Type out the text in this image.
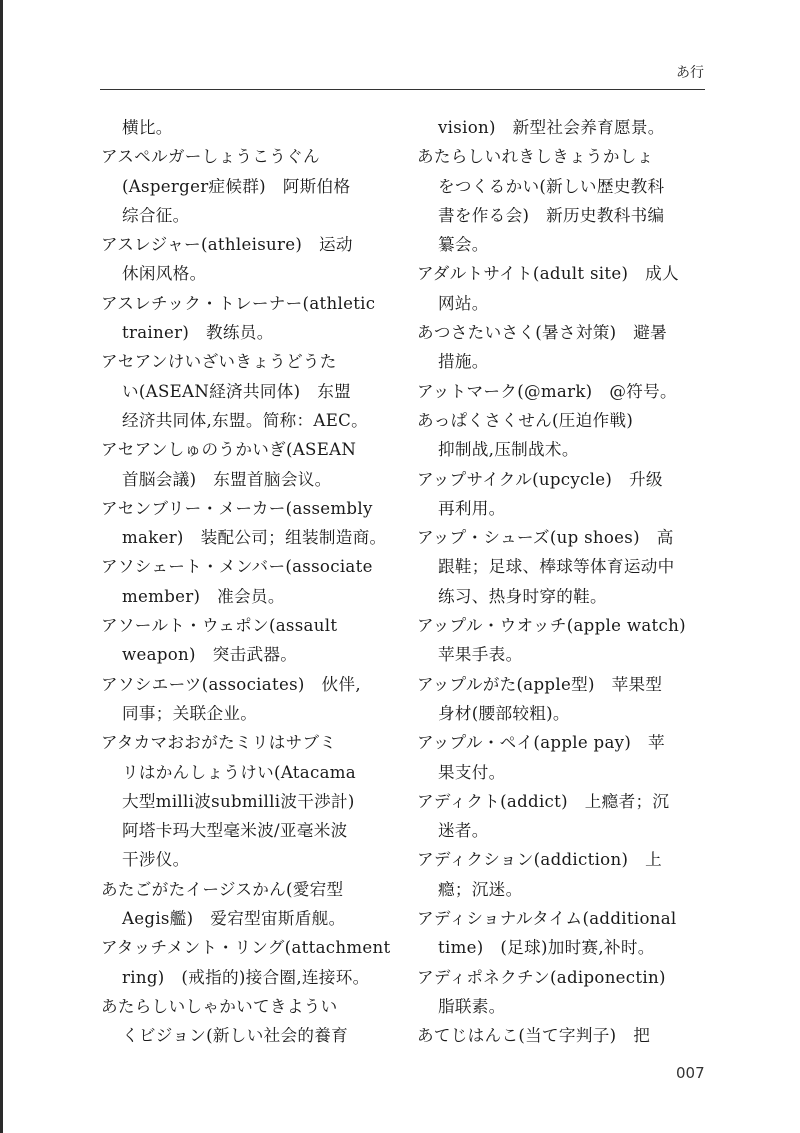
あ行
横比。
アスペルガーしょうこうぐん
(Asperger症候群)　阿斯伯格
综合征。
アスレジャー(athleisure)　运动
休闲风格。
アスレチック・トレーナー(athletic
trainer)　教练员。
アセアンけいざいきょうどうた
い(ASEAN経済共同体)　东盟
经济共同体,东盟。简称：AEC。
アセアンしゅのうかいぎ(ASEAN
首脳会議)　东盟首脑会议。
アセンブリー・メーカー(assembly
maker)　装配公司；组装制造商。
アソシェート・メンバー(associate
member)　准会员。
アソールト・ウェポン(assault
weapon)　突击武器。
アソシエーツ(associates)　伙伴,
同事；关联企业。
アタカマおおがたミリはサブミ
リはかんしょうけい(Atacama
大型milli波submilli波干渉計)
阿塔卡玛大型毫米波/亚毫米波
干涉仪。
あたごがたイージスかん(愛宕型
Aegis艦)　爱宕型宙斯盾舰。
アタッチメント・リング(attachment
ring)　(戒指的)接合圈,连接环。
あたらしいしゃかいてきようい
くビジョン(新しい社会的養育
vision)　新型社会养育愿景。
あたらしいれきしきょうかしょ
をつくるかい(新しい歴史教科
書を作る会)　新历史教科书编
纂会。
アダルトサイト(adult site)　成人
网站。
あつさたいさく(暑さ対策)　避暑
措施。
アットマーク(@mark)　@符号。
あっぱくさくせん(圧迫作戦)
抑制战,压制战术。
アップサイクル(upcycle)　升级
再利用。
アップ・シューズ(up shoes)　高
跟鞋；足球、棒球等体育运动中
练习、热身时穿的鞋。
アップル・ウオッチ(apple watch)
苹果手表。
アップルがた(apple型)　苹果型
身材(腰部较粗)。
アップル・ペイ(apple pay)　苹
果支付。
アディクト(addict)　上瘾者；沉
迷者。
アディクション(addiction)　上
瘾；沉迷。
アディショナルタイム(additional
time)　(足球)加时赛,补时。
アディポネクチン(adiponectin)
脂联素。
あてじはんこ(当て字判子)　把
007
